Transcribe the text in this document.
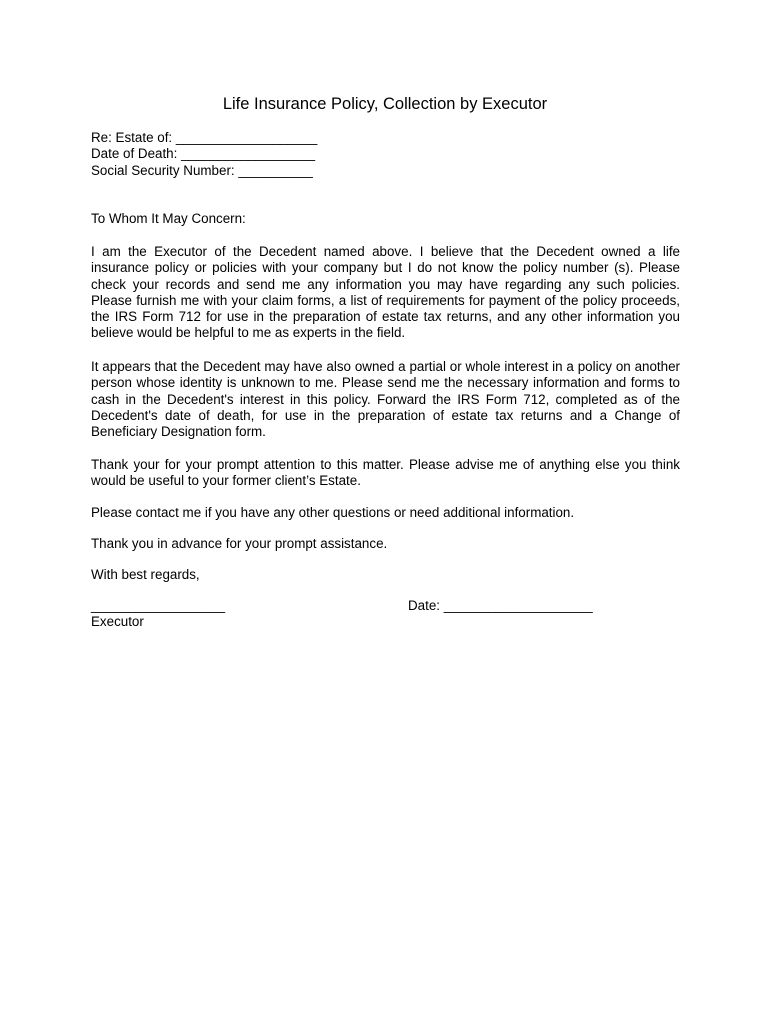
Life Insurance Policy, Collection by Executor
Re: Estate of: ___________________
Date of Death: __________________
Social Security Number: __________
To Whom It May Concern:
I am the Executor of the Decedent named above. I believe that the Decedent owned a life insurance policy or policies with your company but I do not know the policy number (s). Please check your records and send me any information you may have regarding any such policies. Please furnish me with your claim forms, a list of requirements for payment of the policy proceeds, the IRS Form 712 for use in the preparation of estate tax returns, and any other information you believe would be helpful to me as experts in the field.
It appears that the Decedent may have also owned a partial or whole interest in a policy on another person whose identity is unknown to me. Please send me the necessary information and forms to cash in the Decedent's interest in this policy. Forward the IRS Form 712, completed as of the Decedent's date of death, for use in the preparation of estate tax returns and a Change of Beneficiary Designation form.
Thank your for your prompt attention to this matter. Please advise me of anything else you think would be useful to your former client’s Estate.
Please contact me if you have any other questions or need additional information.
Thank you in advance for your prompt assistance.
With best regards,
__________________
Executor
Date: ____________________
